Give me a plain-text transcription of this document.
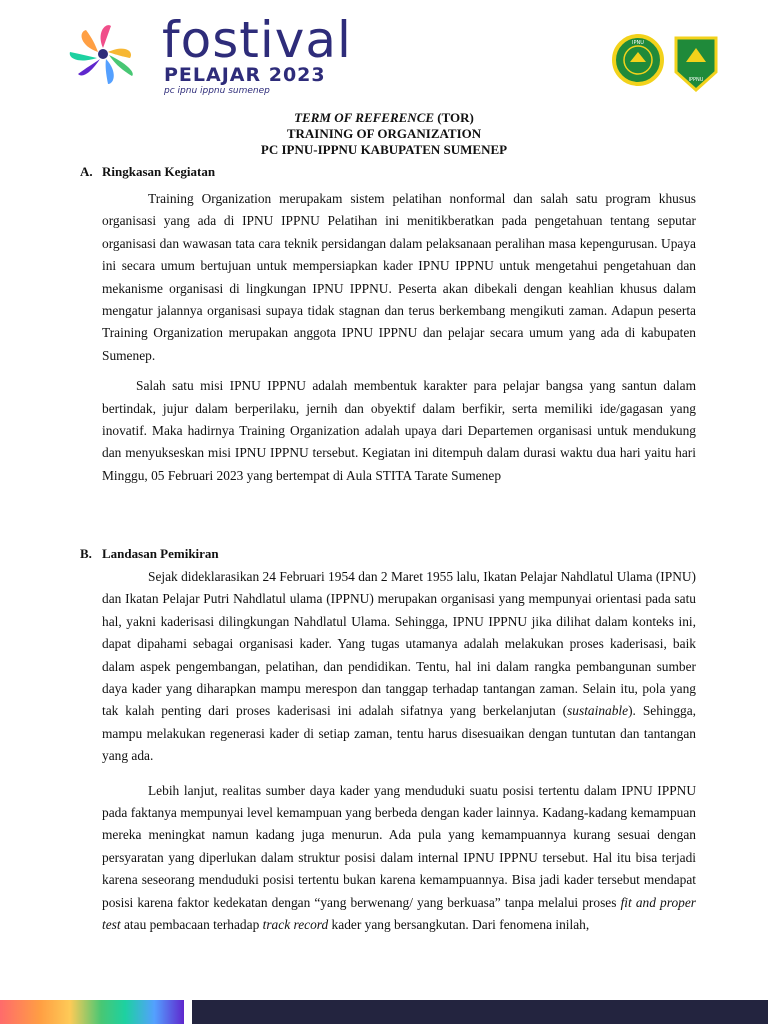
fostival
PELAJAR 2023
pc ipnu ippnu sumenep
IPNU
IPPNU
TERM OF REFERENCE (TOR)
TRAINING OF ORGANIZATION
PC IPNU-IPPNU KABUPATEN SUMENEP
A. Ringkasan Kegiatan

Training Organization merupakam sistem pelatihan nonformal dan salah satu program khusus organisasi yang ada di IPNU IPPNU Pelatihan ini menitikberatkan pada pengetahuan tentang seputar organisasi dan wawasan tata cara teknik persidangan dalam pelaksanaan peralihan masa kepengurusan. Upaya ini secara umum bertujuan untuk mempersiapkan kader IPNU IPPNU untuk mengetahui pengetahuan dan mekanisme organisasi di lingkungan IPNU IPPNU. Peserta akan dibekali dengan keahlian khusus dalam mengatur jalannya organisasi supaya tidak stagnan dan terus berkembang mengikuti zaman. Adapun peserta Training Organization merupakan anggota IPNU IPPNU dan pelajar secara umum yang ada di kabupaten Sumenep.

Salah satu misi IPNU IPPNU adalah membentuk karakter para pelajar bangsa yang santun dalam bertindak, jujur dalam berperilaku, jernih dan obyektif dalam berfikir, serta memiliki ide/gagasan yang inovatif. Maka hadirnya Training Organization adalah upaya dari Departemen organisasi untuk mendukung dan menyukseskan misi IPNU IPPNU tersebut. Kegiatan ini ditempuh dalam durasi waktu dua hari yaitu hari Minggu, 05 Februari 2023 yang bertempat di Aula STITA Tarate Sumenep

B. Landasan Pemikiran

Sejak dideklarasikan 24 Februari 1954 dan 2 Maret 1955 lalu, Ikatan Pelajar Nahdlatul Ulama (IPNU) dan Ikatan Pelajar Putri Nahdlatul ulama (IPPNU) merupakan organisasi yang mempunyai orientasi pada satu hal, yakni kaderisasi dilingkungan Nahdlatul Ulama. Sehingga, IPNU IPPNU jika dilihat dalam konteks ini, dapat dipahami sebagai organisasi kader. Yang tugas utamanya adalah melakukan proses kaderisasi, baik dalam aspek pengembangan, pelatihan, dan pendidikan. Tentu, hal ini dalam rangka pembangunan sumber daya kader yang diharapkan mampu merespon dan tanggap terhadap tantangan zaman. Selain itu, pola yang tak kalah penting dari proses kaderisasi ini adalah sifatnya yang berkelanjutan (sustainable). Sehingga, mampu melakukan regenerasi kader di setiap zaman, tentu harus disesuaikan dengan tuntutan dan tantangan yang ada.

Lebih lanjut, realitas sumber daya kader yang menduduki suatu posisi tertentu dalam IPNU IPPNU pada faktanya mempunyai level kemampuan yang berbeda dengan kader lainnya. Kadang-kadang kemampuan mereka meningkat namun kadang juga menurun. Ada pula yang kemampuannya kurang sesuai dengan persyaratan yang diperlukan dalam struktur posisi dalam internal IPNU IPPNU tersebut. Hal itu bisa terjadi karena seseorang menduduki posisi tertentu bukan karena kemampuannya. Bisa jadi kader tersebut mendapat posisi karena faktor kedekatan dengan “yang berwenang/ yang berkuasa” tanpa melalui proses fit and proper test atau pembacaan terhadap track record kader yang bersangkutan. Dari fenomena inilah,
